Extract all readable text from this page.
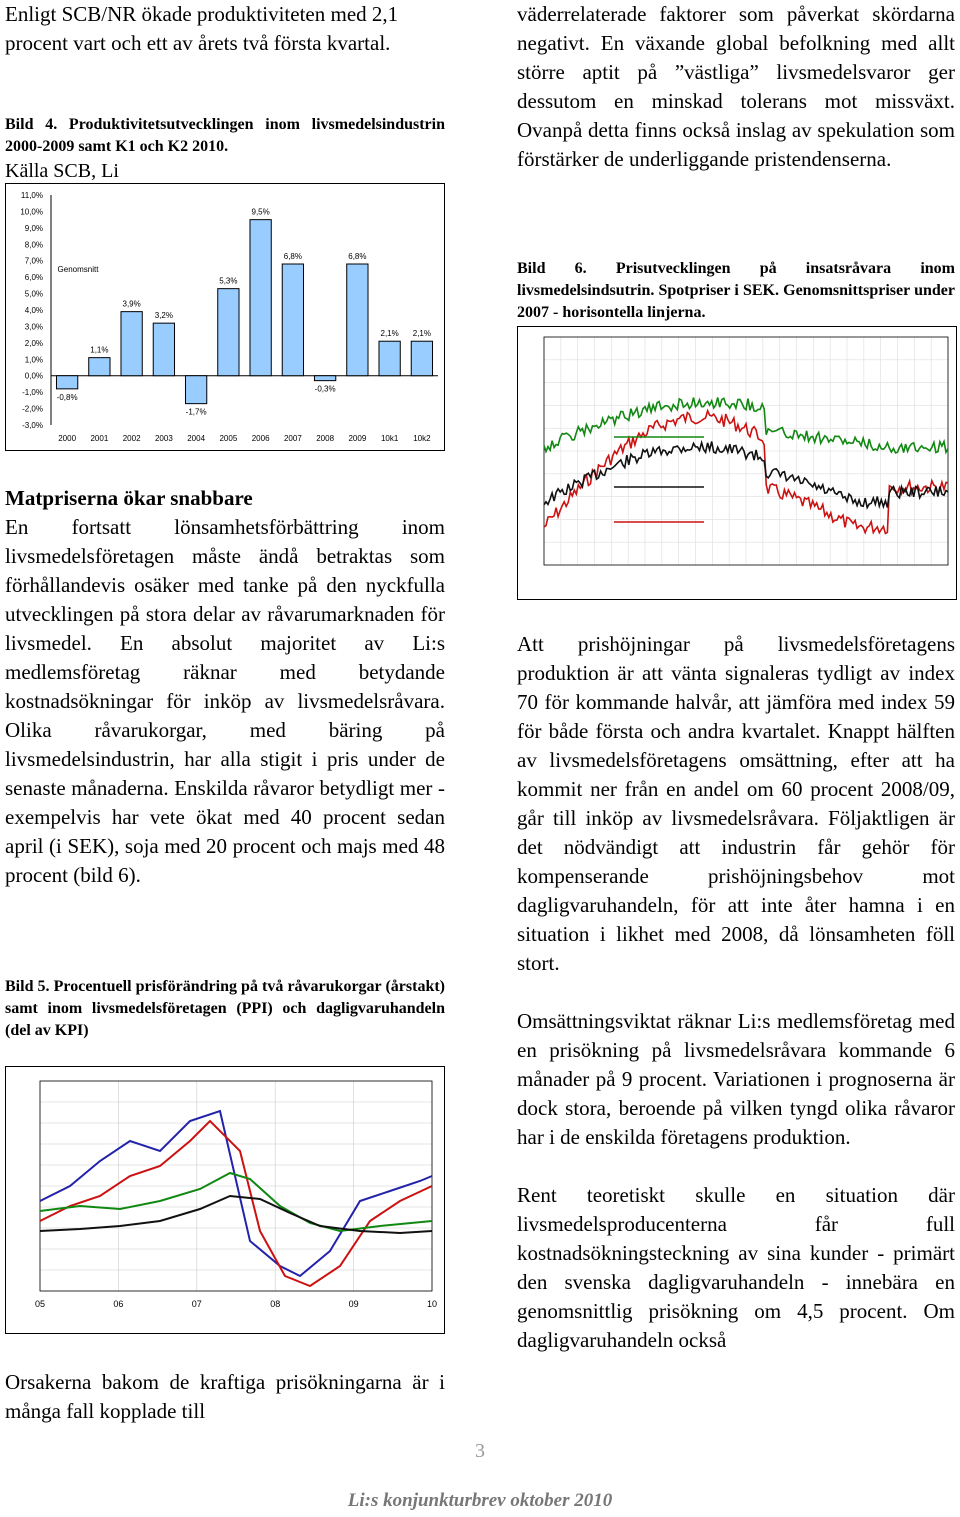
Enligt SCB/NR ökade produktiviteten med 2,1 procent vart och ett av årets två första kvartal.

Bild 4. Produktivitetsutvecklingen inom livsmedelsindustrin 2000-2009 samt K1 och K2 2010.

Källa SCB, Li

11,0%
10,0%
9,0%
8,0%
7,0%
6,0%
5,0%
4,0%
3,0%
2,0%
1,0%
0,0%
-1,0%
-2,0%
-3,0%
-0,8%
2000
1,1%
2001
3,9%
2002
3,2%
2003
-1,7%
2004
5,3%
2005
9,5%
2006
6,8%
2007
-0,3%
2008
6,8%
2009
2,1%
10k1
2,1%
10k2
Genomsnitt

Matpriserna ökar snabbare

En fortsatt lönsamhetsförbättring inom livsmedelsföretagen måste ändå betraktas som förhållandevis osäker med tanke på den nyckfulla utvecklingen på stora delar av råvarumarknaden för livsmedel. En absolut majoritet av Li:s medlemsföretag räknar med betydande kostnadsökningar för inköp av livsmedelsråvara. Olika råvarukorgar, med bäring på livsmedelsindustrin, har alla stigit i pris under de senaste månaderna. Enskilda råvaror betydligt mer - exempelvis har vete ökat med 40 procent sedan april (i SEK), soja med 20 procent och majs med 48 procent (bild 6).

Bild 5. Procentuell prisförändring på två råvarukorgar (årstakt) samt inom livsmedelsföretagen (PPI) och dagligvaruhandeln (del av KPI)

05	06	07	08	09	10

Orsakerna bakom de kraftiga prisökningarna är i många fall kopplade till

väderrelaterade faktorer som påverkat skördarna negativt. En växande global befolkning med allt större aptit på ”västliga” livsmedelsvaror ger dessutom en minskad tolerans mot missväxt. Ovanpå detta finns också inslag av spekulation som förstärker de underliggande pristendenserna.

Bild 6. Prisutvecklingen på insatsråvara inom livsmedelsindsutrin. Spotpriser i SEK. Genomsnittspriser under 2007 - horisontella linjerna.

Att prishöjningar på livsmedelsföretagens produktion är att vänta signaleras tydligt av index 70 för kommande halvår, att jämföra med index 59 för både första och andra kvartalet. Knappt hälften av livsmedelsföretagens omsättning, efter att ha kommit ner från en andel om 60 procent 2008/09, går till inköp av livsmedelsråvara. Följaktligen är det nödvändigt att industrin får gehör för kompenserande prishöjningsbehov mot dagligvaruhandeln, för att inte åter hamna i en situation i likhet med 2008, då lönsamheten föll stort.

Omsättningsviktat räknar Li:s medlemsföretag med en prisökning på livsmedelsråvara kommande 6 månader på 9 procent. Variationen i prognoserna är dock stora, beroende på vilken tyngd olika råvaror har i de enskilda företagens produktion.

Rent teoretiskt skulle en situation där livsmedelsproducenterna får full kostnadsökningsteckning av sina kunder - primärt den svenska dagligvaruhandeln - innebära en genomsnittlig prisökning om 4,5 procent. Om dagligvaruhandeln också

3
Li:s konjunkturbrev oktober 2010
